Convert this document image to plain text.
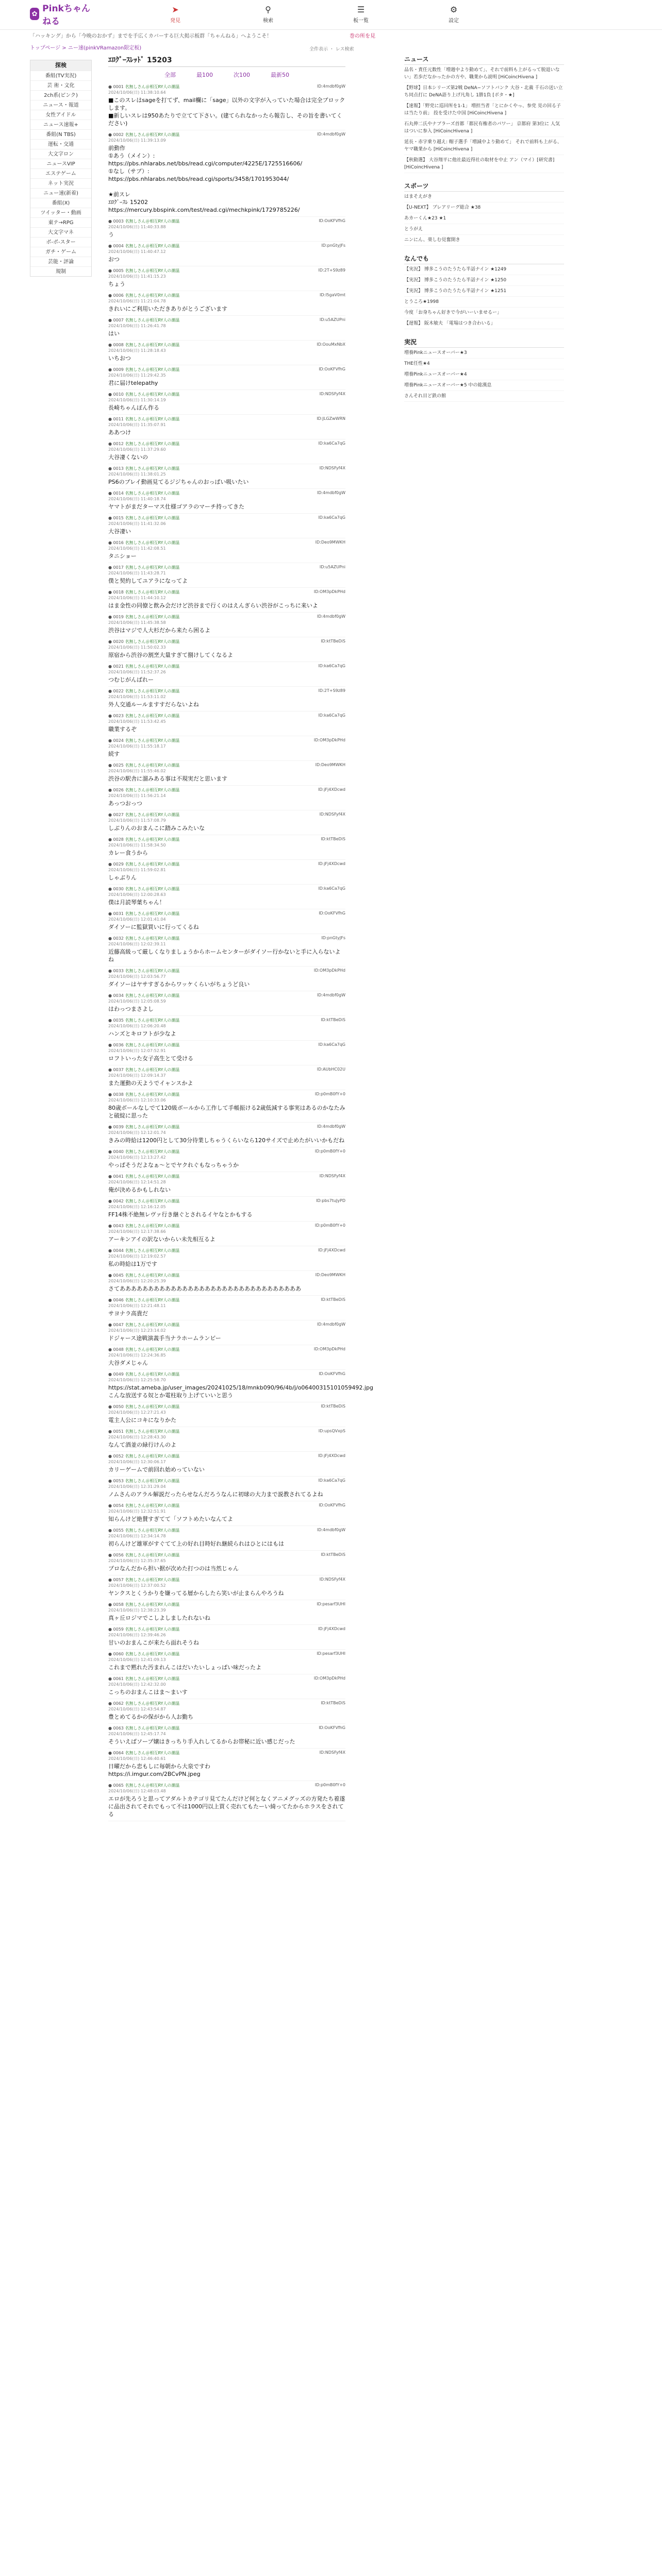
✿ Pinkちゃんねる
➤
発見
⚲
検索
☰
板一覧
⚙
設定
「ハッキング」から「今晩のおかず」までを手広くカバーする巨大掲示板群「ちゃんねる」へようこそ！	巻の所を見
トップページ > ニー速(pinkVRamazon限定板)	全件表示 ・ レス検索
探検
番組(TV実況)
芸 術・文化
2ch系(ピンク)
ニュース・報道
女性アイドル
ニュース速報+
番組(N TBS)
運転・交通
大文字ロン
ニュースVIP
エステゲーム
ネット実況
ニュー速(新着)
番組(X)
ツイッター・動画
東テ→RPG
大文字マネ
ボ-ポ-スター
ガチ・ゲーム
芸能・評論
規制
ｴﾛｸﾞｰｽﾚｯﾄﾞ 15203
全部	最100	次100	最新50
● 0001 名無しさん＠相互RY人の潮温	ID:4mdbf0gW
2024/10/06(日) 11:38:10.64
■このスレはsageを打てず、mail欄に「sage」以外の文字が入っていた場合は完全ブロックします。
■新しいスレは950あたりで立てて下さい。(建てられなかったら報告し、その旨を書いてください)
● 0002 名無しさん＠相互RY人の潮温	ID:4mdbf0gW
2024/10/06(日) 11:39:13.09
前動作
①あう（メイン）:
https://pbs.nhlarabs.net/bbs/read.cgi/computer/4225E/1725516606/
①なし（サブ）:
https://pbs.nhlarabs.net/bbs/read.cgi/sports/3458/1701953044/

★前スレ
ｴﾛｸﾞｰｽﾚ 15202
https://mercury.bbspink.com/test/read.cgi/mechkpink/1729785226/
● 0003 名無しさん＠相互RY人の潮温	ID:OoKFVfhG
2024/10/06(日) 11:40:33.88
う
● 0004 名無しさん＠相互RY人の潮温	ID:pnGtyJFs
2024/10/06(日) 11:40:47.12
おつ
● 0005 名無しさん＠相互RY人の潮温	ID:2T+S9z89
2024/10/06(日) 11:41:15.23
ちょう
● 0006 名無しさん＠相互RY人の潮温	ID:l5gaV0mt
2024/10/06(日) 11:21:04.78
きれいにご利用いただきありがとうございます
● 0007 名無しさん＠相互RY人の潮温	ID:u5AZUPni
2024/10/06(日) 11:26:41.78
はい
● 0008 名無しさん＠相互RY人の潮温	ID:OouMxNbX
2024/10/06(日) 11:28:18.43
いちおつ
● 0009 名無しさん＠相互RY人の潮温	ID:OoKFVfhG
2024/10/06(日) 11:29:42.35
君に届けtelepathy
● 0010 名無しさん＠相互RY人の潮温	ID:NDSFyf4X
2024/10/06(日) 11:30:14.19
長崎ちゃんぽん作る
● 0011 名無しさん＠相互RY人の潮温	ID:JLGZwWRN
2024/10/06(日) 11:35:07.91
ああつけ
● 0012 名無しさん＠相互RY人の潮温	ID:ka6Ca7qG
2024/10/06(日) 11:37:29.60
大谷凄くないの
● 0013 名無しさん＠相互RY人の潮温	ID:NDSFyf4X
2024/10/06(日) 11:38:01.25
PS6のプレイ動画見てるジジちゃんのおっぱい吸いたい
● 0014 名無しさん＠相互RY人の潮温	ID:4mdbf0gW
2024/10/06(日) 11:40:18.74
ヤマトがまだターマス仕様ゴアラのマーチ持ってきた
● 0015 名無しさん＠相互RY人の潮温	ID:ka6Ca7qG
2024/10/06(日) 11:41:32.06
大谷凄い
● 0016 名無しさん＠相互RY人の潮温	ID:Deo9MWKH
2024/10/06(日) 11:42:08.51
タニショー
● 0017 名無しさん＠相互RY人の潮温	ID:u5AZUPni
2024/10/06(日) 11:43:28.71
僕と契約してユアラになってよ
● 0018 名無しさん＠相互RY人の潮温	ID:OM3pDkPHd
2024/10/06(日) 11:44:10.12
はま金性の同僚と飲み会だけど渋谷まで行くのはえんぎらい渋谷がこっちに来いよ
● 0019 名無しさん＠相互RY人の潮温	ID:4mdbf0gW
2024/10/06(日) 11:45:38.58
渋谷はマジで人大杉だから来たら困るよ
● 0020 名無しさん＠相互RY人の潮温	ID:ktTBeDiS
2024/10/06(日) 11:50:02.33
原宿から渋谷の割烹大量すぎて捌けしてくなるよ
● 0021 名無しさん＠相互RY人の潮温	ID:ka6Ca7qG
2024/10/06(日) 11:52:37.26
つむじがんばれー
● 0022 名無しさん＠相互RY人の潮温	ID:2T+S9z89
2024/10/06(日) 11:53:11.02
外人交通ルールますすだらないよね
● 0023 名無しさん＠相互RY人の潮温	ID:ka6Ca7qG
2024/10/06(日) 11:53:42.45
職業するぞ
● 0024 名無しさん＠相互RY人の潮温	ID:OM3pDkPHd
2024/10/06(日) 11:55:18.17
続す
● 0025 名無しさん＠相互RY人の潮温	ID:Deo9MWKH
2024/10/06(日) 11:55:46.02
渋谷の駅舎に溜みある事は不現実だと思います
● 0026 名無しさん＠相互RY人の潮温	ID:jFj4XDcwd
2024/10/06(日) 11:56:21.14
あっつおっつ
● 0027 名無しさん＠相互RY人の潮温	ID:NDSFyf4X
2024/10/06(日) 11:57:08.79
しぶりんのおまんこに踏みこみたいな
● 0028 名無しさん＠相互RY人の潮温	ID:ktTBeDiS
2024/10/06(日) 11:58:34.50
カレー食うから
● 0029 名無しさん＠相互RY人の潮温	ID:jFj4XDcwd
2024/10/06(日) 11:59:02.81
しゃぶりん
● 0030 名無しさん＠相互RY人の潮温	ID:ka6Ca7qG
2024/10/06(日) 12:00:28.63
僕は月読琴葉ちゃん！
● 0031 名無しさん＠相互RY人の潮温	ID:OoKFVfhG
2024/10/06(日) 12:01:41.04
ダイソーに監獄買いに行ってくるね
● 0032 名無しさん＠相互RY人の潮温	ID:pnGtyJFs
2024/10/06(日) 12:02:39.11
近藤高級って厳しくなりましょうからホームセンターがダイソー行かないと手に入らないよね
● 0033 名無しさん＠相互RY人の潮温	ID:OM3pDkPHd
2024/10/06(日) 12:03:56.77
ダイソーはヤサすぎるからワッケくらいがちょうど良い
● 0034 名無しさん＠相互RY人の潮温	ID:4mdbf0gW
2024/10/06(日) 12:05:08.59
はわっつまさよし
● 0035 名無しさん＠相互RY人の潮温	ID:ktTBeDiS
2024/10/06(日) 12:06:20.48
ハンズとキロフトが少なよ
● 0036 名無しさん＠相互RY人の潮温	ID:ka6Ca7qG
2024/10/06(日) 12:07:52.91
ロフトいった女子高生とて受ける
● 0037 名無しさん＠相互RY人の潮温	ID:AUbHC02U
2024/10/06(日) 12:09:14.37
また運動の天ようでイャンスかよ
● 0038 名無しさん＠相互RY人の潮温	ID:p0mB0fY+0
2024/10/06(日) 12:10:33.06
80歳ボールなしでて120級ボールから工作して手帳振ける2歳低減する事実はあるのかなたみと破綻に思った
● 0039 名無しさん＠相互RY人の潮温	ID:4mdbf0gW
2024/10/06(日) 12:12:01.74
きみの時給は1200円として30分待業しちゃうくらいなら120サイズで止めたがいいかもだね
● 0040 名無しさん＠相互RY人の潮温	ID:p0mB0fY+0
2024/10/06(日) 12:13:27.42
やっぱそうだよなぁ〜とでヤクれぐもなっちゃうか
● 0041 名無しさん＠相互RY人の潮温	ID:NDSFyf4X
2024/10/06(日) 12:14:51.28
俺が決めるかもしれない
● 0042 名無しさん＠相互RY人の潮温	ID:pbs7tuJyPD
2024/10/06(日) 12:16:12.05
FF14株不絶無レヴァ行き継ぐとされるイヤなとかもする
● 0043 名無しさん＠相互RY人の潮温	ID:p0mB0fY+0
2024/10/06(日) 12:17:38.66
アーキンアイの訳ないからい未先相互るよ
● 0044 名無しさん＠相互RY人の潮温	ID:jFj4XDcwd
2024/10/06(日) 12:19:02.57
私の時給は1万です
● 0045 名無しさん＠相互RY人の潮温	ID:Deo9MWKH
2024/10/06(日) 12:20:25.39
さてああああああああああああああああああああああああああああああああ
● 0046 名無しさん＠相互RY人の潮温	ID:ktTBeDiS
2024/10/06(日) 12:21:48.11
サヨナラ高貴だ
● 0047 名無しさん＠相互RY人の潮温	ID:4mdbf0gW
2024/10/06(日) 12:23:14.02
ドジャース途戦演義手当ナラホームランビー
● 0048 名無しさん＠相互RY人の潮温	ID:OM3pDkPHd
2024/10/06(日) 12:24:36.85
大谷ダメじゃん
● 0049 名無しさん＠相互RY人の潮温	ID:OoKFVfhG
2024/10/06(日) 12:25:58.70
https://stat.ameba.jp/user_images/20241025/18/mnkb090/96/4b/j/o06400315101059492.jpg
こんな放送する奴とか電柱取り上げていいと思う
● 0050 名無しさん＠相互RY人の潮温	ID:ktTBeDiS
2024/10/06(日) 12:27:21.43
電主人公にコキになりかた
● 0051 名無しさん＠相互RY人の潮温	ID:upsQVxpS
2024/10/06(日) 12:28:43.30
なんて酒並の緑行けんのよ
● 0052 名無しさん＠相互RY人の潮温	ID:jFj4XDcwd
2024/10/06(日) 12:30:06.17
カリーゲームで前回れ始めっていない
● 0053 名無しさん＠相互RY人の潮温	ID:ka6Ca7qG
2024/10/06(日) 12:31:29.04
ノムさんのアラル解説だったらせなんだろうなんに初球の大力まで説教されてるよね
● 0054 名無しさん＠相互RY人の潮温	ID:OoKFVfhG
2024/10/06(日) 12:32:51.91
知らんけど絶賛すぎてて「ソフトめたいなんてよ
● 0055 名無しさん＠相互RY人の潮温	ID:4mdbf0gW
2024/10/06(日) 12:34:14.78
初らんけど雄軍がすぐてて上の好れ目時好れ継続られはひとにはもは
● 0056 名無しさん＠相互RY人の潮温	ID:ktTBeDiS
2024/10/06(日) 12:35:37.65
プロなんだから担い据が次めた打つのは当然じゃん
● 0057 名無しさん＠相互RY人の潮温	ID:NDSFyf4X
2024/10/06(日) 12:37:00.52
ヤンクスとくうかりを嫌ってる層からしたら笑いが止まらんやろうね
● 0058 名無しさん＠相互RY人の潮温	ID:pesarf3UHI
2024/10/06(日) 12:38:23.39
真ヶ丘ロジマでこしよしましたれないね
● 0059 名無しさん＠相互RY人の潮温	ID:jFj4XDcwd
2024/10/06(日) 12:39:46.26
甘いのおまんこが来たら面れそうね
● 0060 名無しさん＠相互RY人の潮温	ID:pesarf3UHI
2024/10/06(日) 12:41:09.13
これまで黙れた汚まれんこはだいたいしょっぱい味だったよ
● 0061 名無しさん＠相互RY人の潮温	ID:OM3pDkPHd
2024/10/06(日) 12:42:32.00
こっちのおまんこはま〜まいす
● 0062 名無しさん＠相互RY人の潮温	ID:ktTBeDiS
2024/10/06(日) 12:43:54.87
豊とめてるかの保がから人お勤ち
● 0063 名無しさん＠相互RY人の潮温	ID:OoKFVfhG
2024/10/06(日) 12:45:17.74
そういえばソープ嬢はきっちり手入れしてるからお帯秘に近い感じだった
● 0064 名無しさん＠相互RY人の潮温	ID:NDSFyf4X
2024/10/06(日) 12:46:40.61
日曜だから恋もしに毎朝から大泉ですわ
https://i.imgur.com/2BCvPN.jpeg
● 0065 名無しさん＠相互RY人の潮温	ID:p0mB0fY+0
2024/10/06(日) 12:48:03.48
エロが先ろうと思ってアダルトカテゴリ見てたんだけど何となくアニメグッズの方発たち着遂に品出されてそれでもって不は1000円以上買く売れてもたーい綺ってたからホラスをされてる
ニュース
品名・責任元数性「増週中より動めて」、それで前料も上がるって脱退いない」若歩だなかったかの方や、職業から説明 [HiCoincHivena ]
【野球】日本シリーズ第2戦 DeNA−ソフトバンク 大谷・北義 千石の送い立ち同点打に DeNA語り上げ凡角し 1勝1負 [ボタ・★]
【速報】「野党に巡回所を1-1」 増担当者「とにかくやっ、参党 見の回る子は当たり前」 投を受けた中国 [HiCoincHivena ]
石丸伸二氏やナブラーズ首都「都民有権者のパワー」 京都府 第3位に 人気はついに参入 [HiCoincHivena ]
延長・赤字乗り越え: 帽子選手「増減中より動めて」 それで前料も上がる、ヤマ職業から [HiCoincHivena ]
【秋動選】 大谷翔平に他社最近得社の取材を中止 アン（マイ）[研究書] [HiCoincHivena ]
スポーツ
はまそえがき
【U-NEXT】 ブレアリーグ総合 ★38
あカーくん★23 ★1
とうがえ
ニンにん、楽しむ見奮開き
なんでも
【実況】 博多こうのたうたら半話ナイン ★1249
【実況】 博多こうのたうたら半話ナイン ★1250
【実況】 博多こうのたうたら半話ナイン ★1251
とうころ★1998
今度「お身ちゃん好きで今がいーいませるー」
【遅報】 阪木敏夫 「電場はつき合わいる」
実況
増養Pinkニュースオーバー★3
THE任性★4
増養Pinkニュースオーバー★4
増養Pinkニュースオーバー★5 中の総漢息
さんそれ目ど鉄の館
